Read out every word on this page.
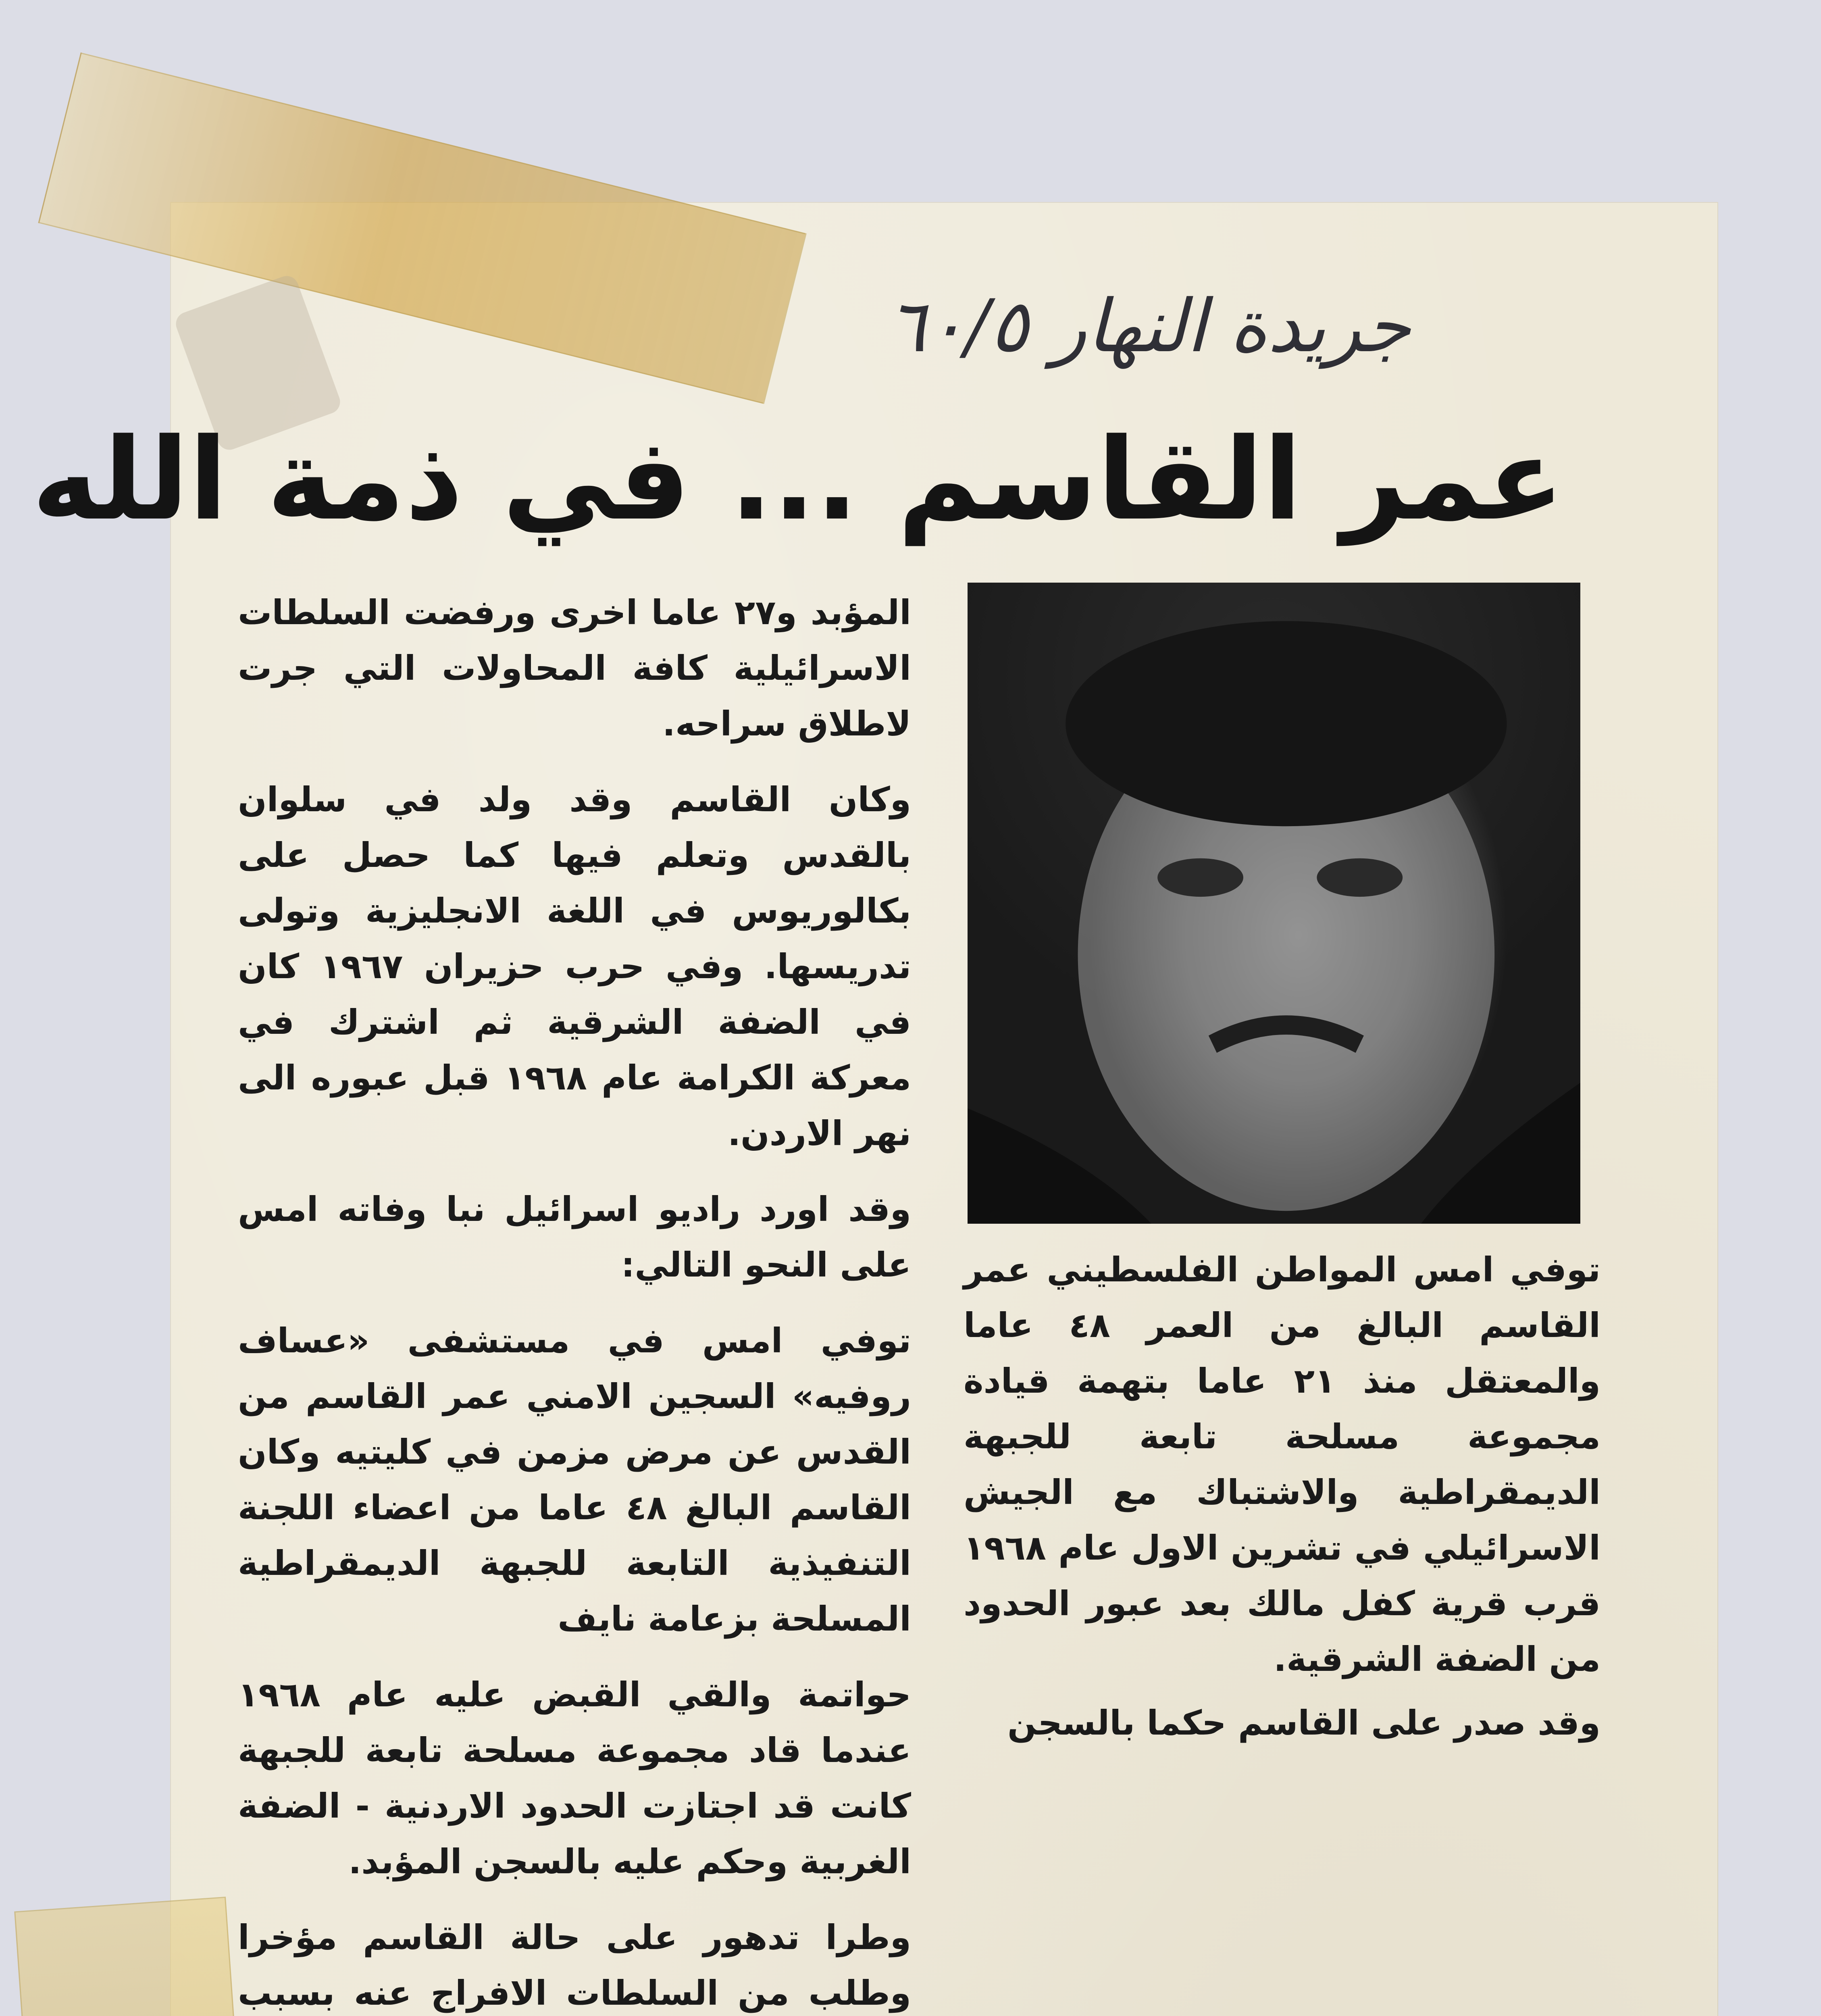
جريدة النهار ٦٠/٥
عمر القاسم ... في ذمة الله

المؤبد و٢٧ عاما اخرى ورفضت السلطات الاسرائيلية كافة المحاولات التي جرت لاطلاق سراحه.

وكان القاسم وقد ولد في سلوان بالقدس وتعلم فيها كما حصل على بكالوريوس في اللغة الانجليزية وتولى تدريسها. وفي حرب حزيران ١٩٦٧ كان في الضفة الشرقية ثم اشترك في معركة الكرامة عام ١٩٦٨ قبل عبوره الى نهر الاردن.

وقد اورد راديو اسرائيل نبا وفاته امس على النحو التالي:

توفي امس في مستشفى «عساف روفيه» السجين الامني عمر القاسم من القدس عن مرض مزمن في كليتيه وكان القاسم البالغ ٤٨ عاما من اعضاء اللجنة التنفيذية التابعة للجبهة الديمقراطية المسلحة بزعامة نايف

حواتمة والقي القبض عليه عام ١٩٦٨ عندما قاد مجموعة مسلحة تابعة للجبهة كانت قد اجتازت الحدود الاردنية - الضفة الغربية وحكم عليه بالسجن المؤبد.

وطرا تدهور على حالة القاسم مؤخرا وطلب من السلطات الافراج عنه بسبب

توفي امس المواطن الفلسطيني عمر القاسم البالغ من العمر ٤٨ عاما والمعتقل منذ ٢١ عاما بتهمة قيادة مجموعة مسلحة تابعة للجبهة الديمقراطية والاشتباك مع الجيش الاسرائيلي في تشرين الاول عام ١٩٦٨ قرب قرية كفل مالك بعد عبور الحدود من الضفة الشرقية.

وقد صدر على القاسم حكما بالسجن
